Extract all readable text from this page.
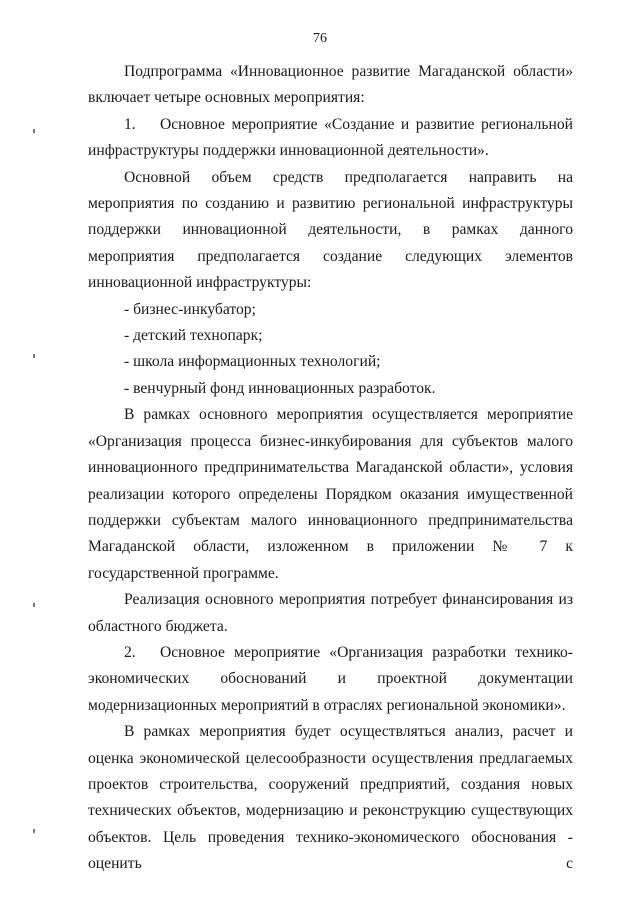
76

Подпрограмма «Инновационное развитие Магаданской области» включает четыре основных мероприятия:

1. Основное мероприятие «Создание и развитие региональной инфраструктуры поддержки инновационной деятельности».

Основной объем средств предполагается направить на мероприятия по созданию и развитию региональной инфраструктуры поддержки инновационной деятельности, в рамках данного мероприятия предполагается создание следующих элементов инновационной инфраструктуры:

- бизнес-инкубатор;

- детский технопарк;

- школа информационных технологий;

- венчурный фонд инновационных разработок.

В рамках основного мероприятия осуществляется мероприятие «Организация процесса бизнес-инкубирования для субъектов малого инновационного предпринимательства Магаданской области», условия реализации которого определены Порядком оказания имущественной поддержки субъектам малого инновационного предпринимательства Магаданской области, изложенном в приложении № 7 к государственной программе.

Реализация основного мероприятия потребует финансирования из областного бюджета.

2. Основное мероприятие «Организация разработки технико-экономических обоснований и проектной документации модернизационных мероприятий в отраслях региональной экономики».

В рамках мероприятия будет осуществляться анализ, расчет и оценка экономической целесообразности осуществления предлагаемых проектов строительства, сооружений предприятий, создания новых технических объектов, модернизацию и реконструкцию существующих объектов. Цель проведения технико-экономического обоснования - оценить с
